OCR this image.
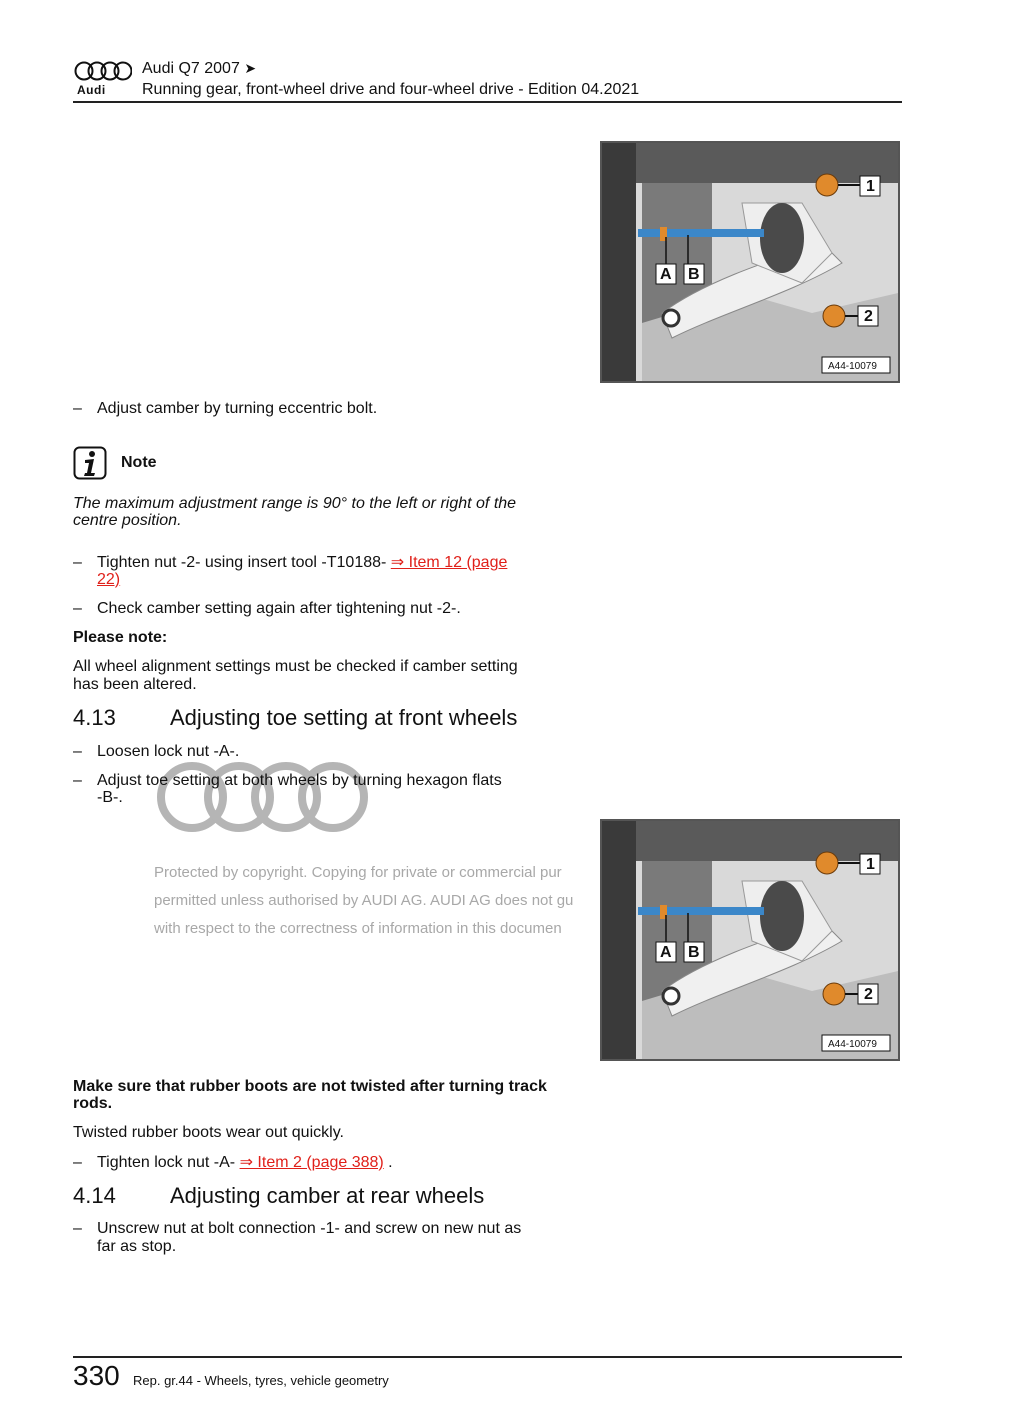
Audi
Audi Q7 2007 ➤
Running gear, front-wheel drive and four-wheel drive - Edition 04.2021
1
2
A B
A44-10079
– Adjust camber by turning eccentric bolt.
Note
The maximum adjustment range is 90° to the left or right of the
centre position.
– Tighten nut -2- using insert tool -T10188- ⇒ Item 12 (page
22)
– Check camber setting again after tightening nut -2-.
Please note:
All wheel alignment settings must be checked if camber setting
has been altered.
4.13 Adjusting toe setting at front wheels
– Loosen lock nut -A-.
– Adjust toe setting at both wheels by turning hexagon flats
-B-.
Protected by copyright. Copying for private or commercial pur
permitted unless authorised by AUDI AG. AUDI AG does not gu
with respect to the correctness of information in this documen
1
2
A B
A44-10079
Make sure that rubber boots are not twisted after turning track
rods.
Twisted rubber boots wear out quickly.
– Tighten lock nut -A- ⇒ Item 2 (page 388) .
4.14 Adjusting camber at rear wheels
– Unscrew nut at bolt connection -1- and screw on new nut as
far as stop.
330 Rep. gr.44 - Wheels, tyres, vehicle geometry
